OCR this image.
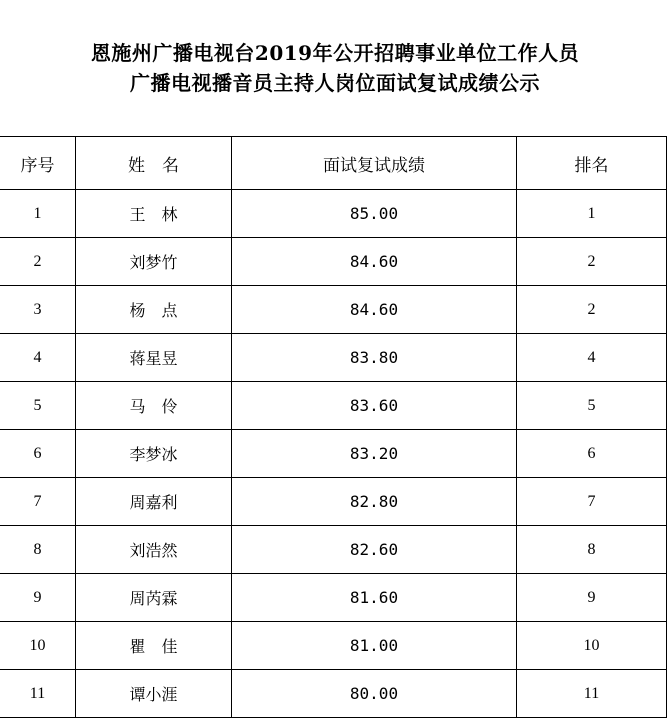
恩施州广播电视台2019年公开招聘事业单位工作人员
广播电视播音员主持人岗位面试复试成绩公示
序号	姓　名	面试复试成绩	排名
1	王　林	85.00	1
2	刘梦竹	84.60	2
3	杨　点	84.60	2
4	蒋星昱	83.80	4
5	马　伶	83.60	5
6	李梦冰	83.20	6
7	周嘉利	82.80	7
8	刘浩然	82.60	8
9	周芮霖	81.60	9
10	瞿　佳	81.00	10
11	谭小涯	80.00	11
